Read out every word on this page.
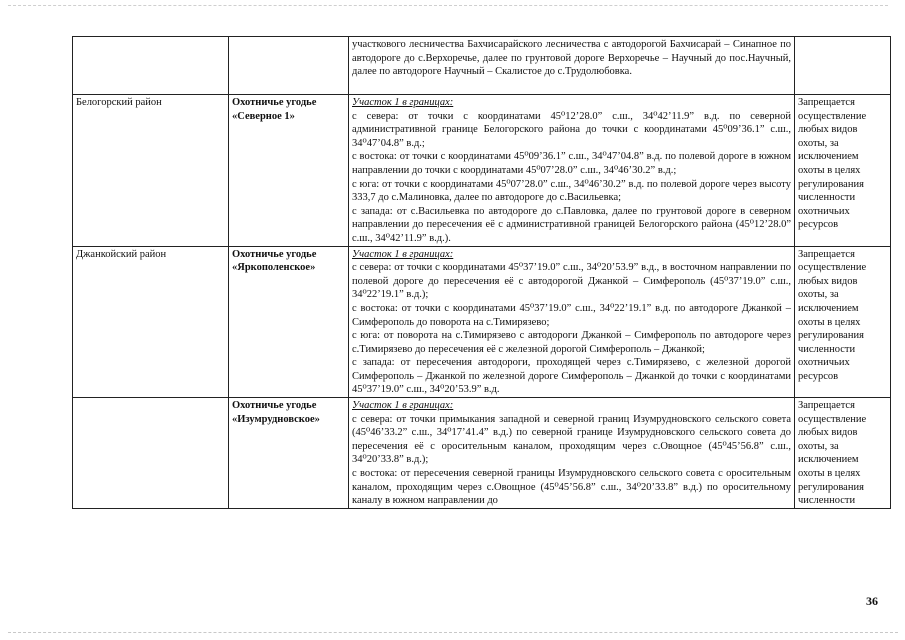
		участкового лесничества Бахчисарайского лесничества с автодорогой Бахчисарай – Синапное по автодороге до с.Верхоречье, далее по грунтовой дороге Верхоречье – Научный до пос.Научный, далее по автодороге Научный – Скалистое до с.Трудолюбовка.	

Белогорский район	Охотничье угодье «Северное 1»	Участок 1 в границах:

с севера: от точки с координатами 45⁰12’28.0” с.ш., 34⁰42’11.9” в.д. по северной административной границе Белогорского района до точки с координатами 45⁰09’36.1” с.ш., 34⁰47’04.8” в.д.;

с востока: от точки с координатами 45⁰09’36.1” с.ш., 34⁰47’04.8” в.д. по полевой дороге в южном направлении до точки с координатами 45⁰07’28.0” с.ш., 34⁰46’30.2” в.д.;

с юга: от точки с координатами 45⁰07’28.0” с.ш., 34⁰46’30.2” в.д. по полевой дороге через высоту 333,7 до с.Малиновка, далее по автодороге до с.Васильевка;

с запада: от с.Васильевка по автодороге до с.Павловка, далее по грунтовой дороге в северном направлении до пересечения её с административной границей Белогорского района (45⁰12’28.0” с.ш., 34⁰42’11.9” в.д.).	Запрещается осуществление любых видов охоты, за исключением охоты в целях регулирования численности охотничьих ресурсов

Джанкойский район	Охотничье угодье «Яркополенское»	Участок 1 в границах:

с севера: от точки с координатами 45⁰37’19.0” с.ш., 34⁰20’53.9” в.д., в восточном направлении по полевой дороге до пересечения её с автодорогой Джанкой – Симферополь (45⁰37’19.0” с.ш., 34⁰22’19.1” в.д.);

с востока: от точки с координатами 45⁰37’19.0” с.ш., 34⁰22’19.1” в.д. по автодороге Джанкой – Симферополь до поворота на с.Тимирязево;

с юга: от поворота на с.Тимирязево с автодороги Джанкой – Симферополь по автодороге через с.Тимирязево до пересечения её с железной дорогой Симферополь – Джанкой;

с запада: от пересечения автодороги, проходящей через с.Тимирязево, с железной дорогой Симферополь – Джанкой по железной дороге Симферополь – Джанкой до точки с координатами 45⁰37’19.0” с.ш., 34⁰20’53.9” в.д.	Запрещается осуществление любых видов охоты, за исключением охоты в целях регулирования численности охотничьих ресурсов

	Охотничье угодье «Изумрудновское»	Участок 1 в границах:

с севера: от точки примыкания западной и северной границ Изумрудновского сельского совета (45⁰46’33.2” с.ш., 34⁰17’41.4” в.д.) по северной границе Изумрудновского сельского совета до пересечения её с оросительным каналом, проходящим через с.Овощное (45⁰45’56.8” с.ш., 34⁰20’33.8” в.д.);

с востока: от пересечения северной границы Изумрудновского сельского совета с оросительным каналом, проходящим через с.Овощное (45⁰45’56.8” с.ш., 34⁰20’33.8” в.д.) по оросительному каналу в южном направлении до	Запрещается осуществление любых видов охоты, за исключением охоты в целях регулирования численности

36
